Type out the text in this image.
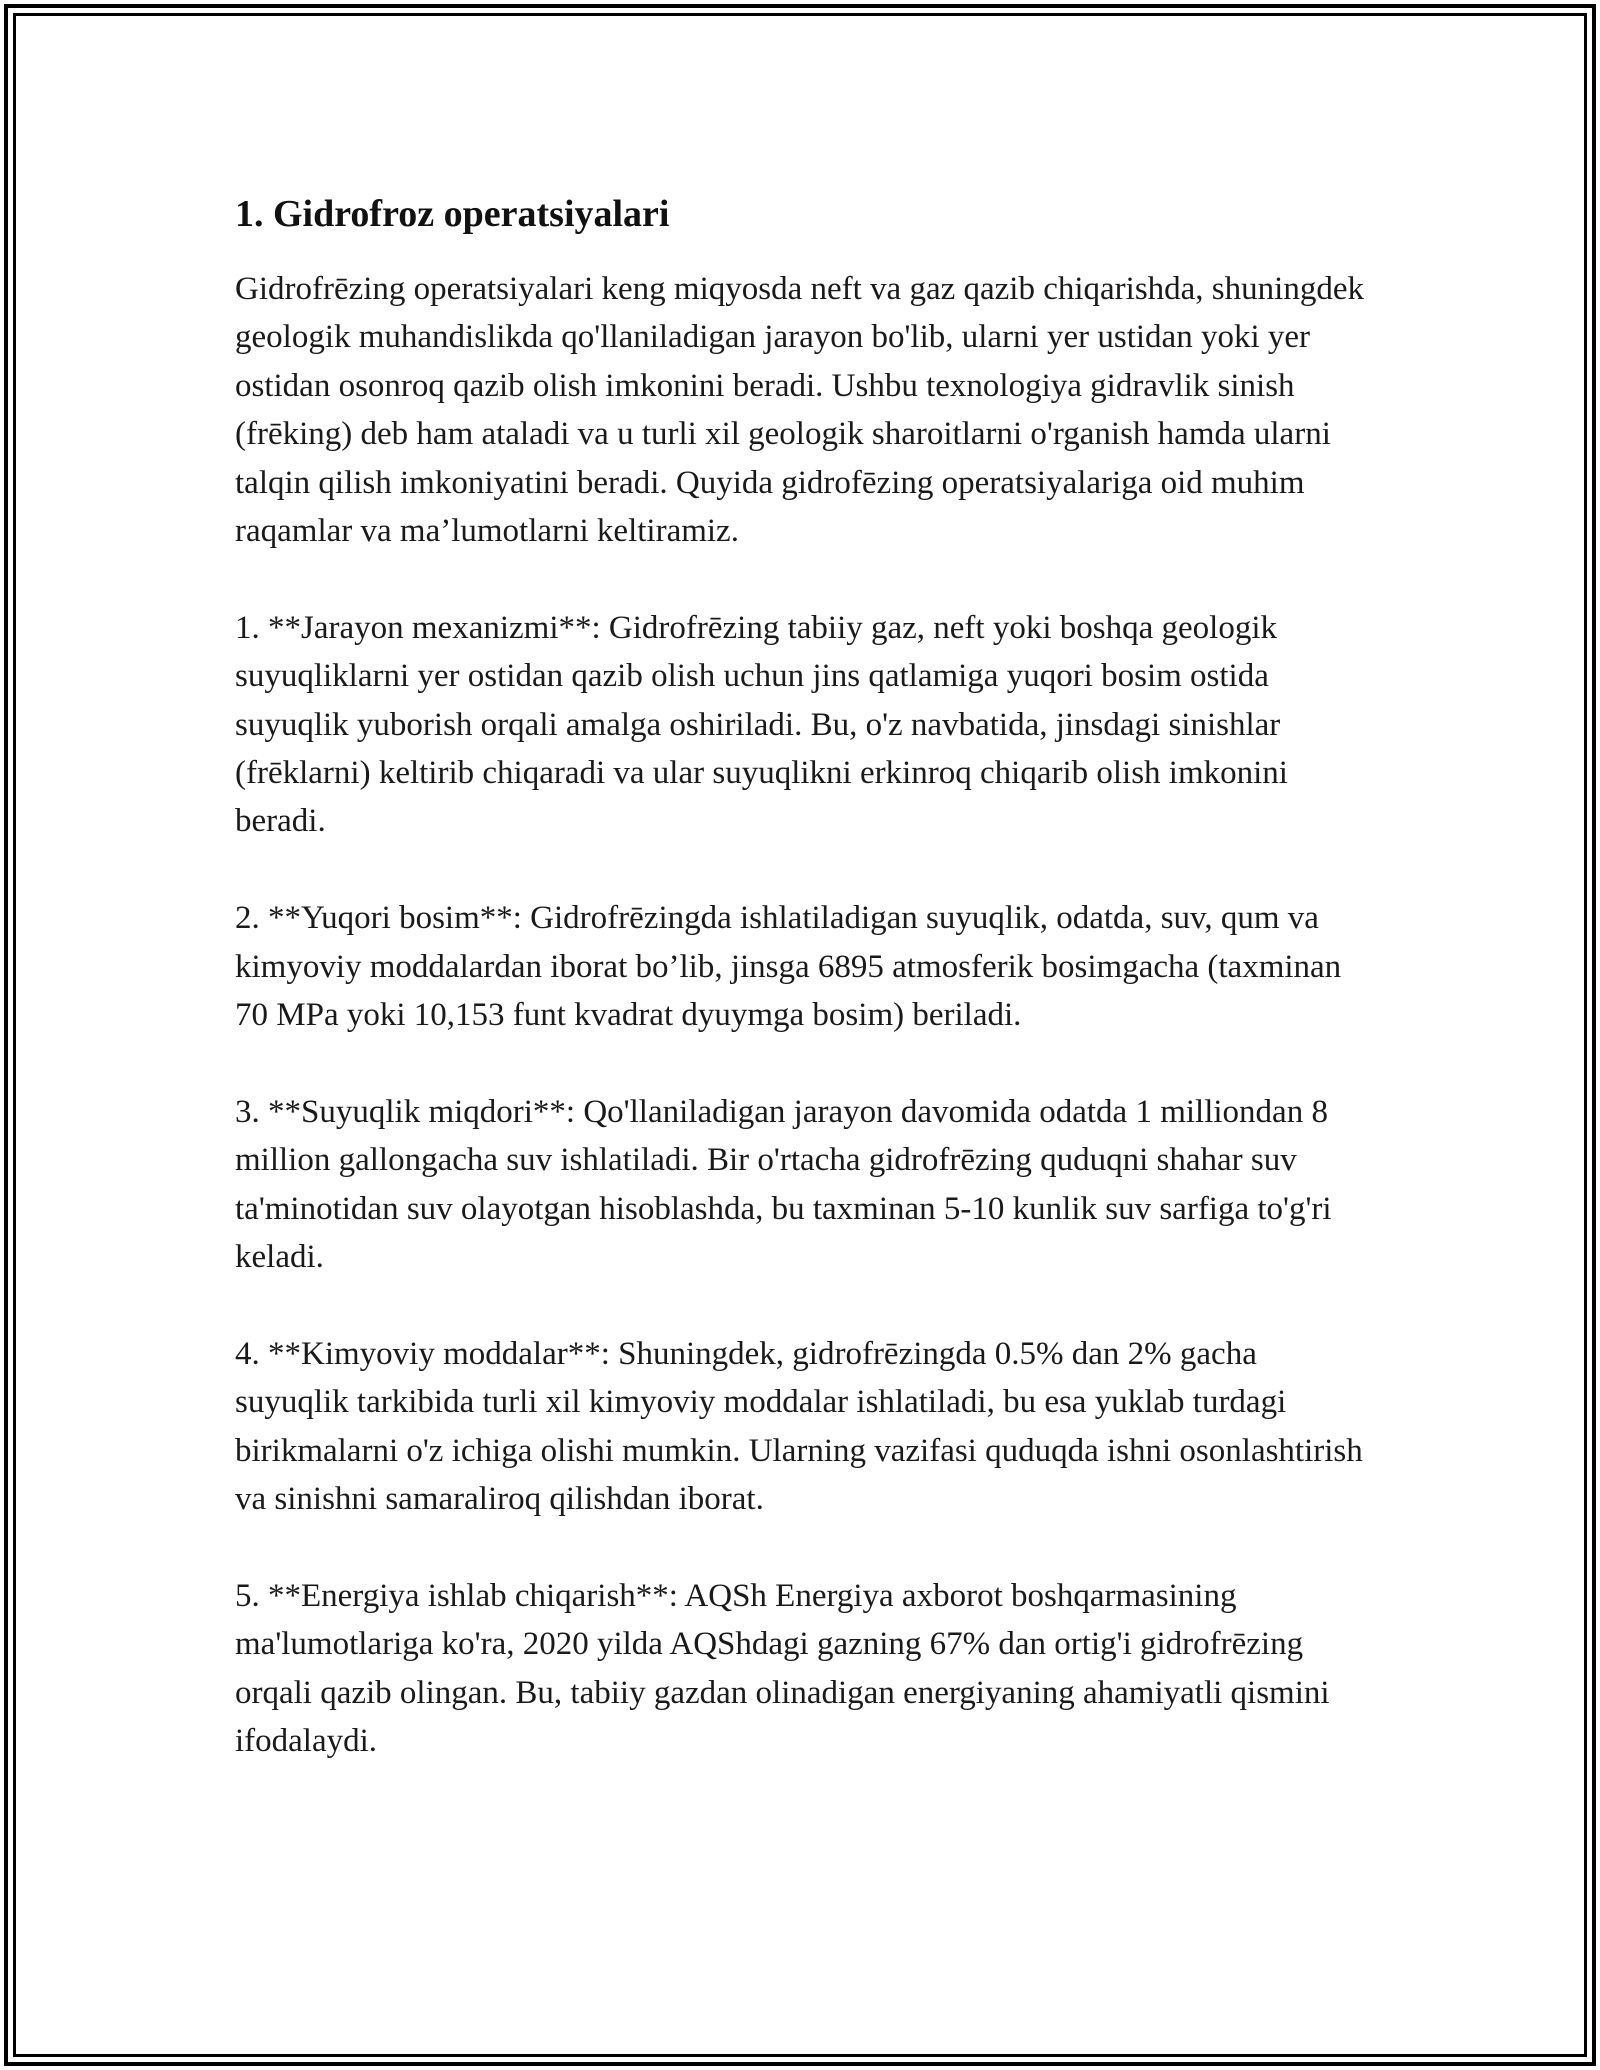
1. Gidrofroz operatsiyalari

Gidrofrēzing operatsiyalari keng miqyosda neft va gaz qazib chiqarishda, shuningdek geologik muhandislikda qo'llaniladigan jarayon bo'lib, ularni yer ustidan yoki yer ostidan osonroq qazib olish imkonini beradi. Ushbu texnologiya gidravlik sinish (frēking) deb ham ataladi va u turli xil geologik sharoitlarni o'rganish hamda ularni talqin qilish imkoniyatini beradi. Quyida gidrofēzing operatsiyalariga oid muhim raqamlar va ma’lumotlarni keltiramiz.

1. **Jarayon mexanizmi**: Gidrofrēzing tabiiy gaz, neft yoki boshqa geologik suyuqliklarni yer ostidan qazib olish uchun jins qatlamiga yuqori bosim ostida suyuqlik yuborish orqali amalga oshiriladi. Bu, o'z navbatida, jinsdagi sinishlar (frēklarni) keltirib chiqaradi va ular suyuqlikni erkinroq chiqarib olish imkonini beradi.

2. **Yuqori bosim**: Gidrofrēzingda ishlatiladigan suyuqlik, odatda, suv, qum va kimyoviy moddalardan iborat bo’lib, jinsga 6895 atmosferik bosimgacha (taxminan 70 MPa yoki 10,153 funt kvadrat dyuymga bosim) beriladi.

3. **Suyuqlik miqdori**: Qo'llaniladigan jarayon davomida odatda 1 milliondan 8 million gallongacha suv ishlatiladi. Bir o'rtacha gidrofrēzing quduqni shahar suv ta'minotidan suv olayotgan hisoblashda, bu taxminan 5-10 kunlik suv sarfiga to'g'ri keladi.

4. **Kimyoviy moddalar**: Shuningdek, gidrofrēzingda 0.5% dan 2% gacha suyuqlik tarkibida turli xil kimyoviy moddalar ishlatiladi, bu esa yuklab turdagi birikmalarni o'z ichiga olishi mumkin. Ularning vazifasi quduqda ishni osonlashtirish va sinishni samaraliroq qilishdan iborat.

5. **Energiya ishlab chiqarish**: AQSh Energiya axborot boshqarmasining ma'lumotlariga ko'ra, 2020 yilda AQShdagi gazning 67% dan ortig'i gidrofrēzing orqali qazib olingan. Bu, tabiiy gazdan olinadigan energiyaning ahamiyatli qismini ifodalaydi.
